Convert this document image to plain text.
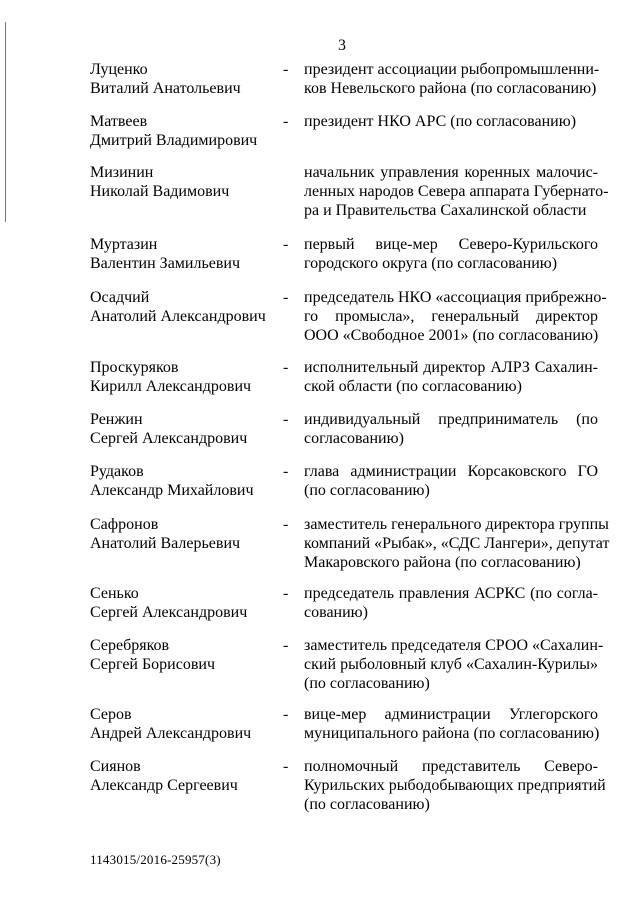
3
Луценко
Виталий Анатольевич
- президент ассоциации рыбопромышленни-
ков Невельского района (по согласованию)
Матвеев
Дмитрий Владимирович
- президент НКО АРС (по согласованию)
Мизинин
Николай Вадимович
начальник управления коренных малочис-
ленных народов Севера аппарата Губернато-
ра и Правительства Сахалинской области
Муртазин
Валентин Замильевич
- первый вице-мер Северо-Курильского
городского округа (по согласованию)
Осадчий
Анатолий Александрович
- председатель НКО «ассоциация прибрежно-
го промысла», генеральный директор
ООО «Свободное 2001» (по согласованию)
Проскуряков
Кирилл Александрович
- исполнительный директор АЛРЗ Сахалин-
ской области (по согласованию)
Ренжин
Сергей Александрович
- индивидуальный предприниматель (по
согласованию)
Рудаков
Александр Михайлович
- глава администрации Корсаковского ГО
(по согласованию)
Сафронов
Анатолий Валерьевич
- заместитель генерального директора группы
компаний «Рыбак», «СДС Лангери», депутат
Макаровского района (по согласованию)
Сенько
Сергей Александрович
- председатель правления АСРКС (по согла-
сованию)
Серебряков
Сергей Борисович
- заместитель председателя СРОО «Сахалин-
ский рыболовный клуб «Сахалин-Курилы»
(по согласованию)
Серов
Андрей Александрович
- вице-мер администрации Углегорского
муниципального района (по согласованию)
Сиянов
Александр Сергеевич
- полномочный представитель Северо-
Курильских рыбодобывающих предприятий
(по согласованию)
1143015/2016-25957(3)
